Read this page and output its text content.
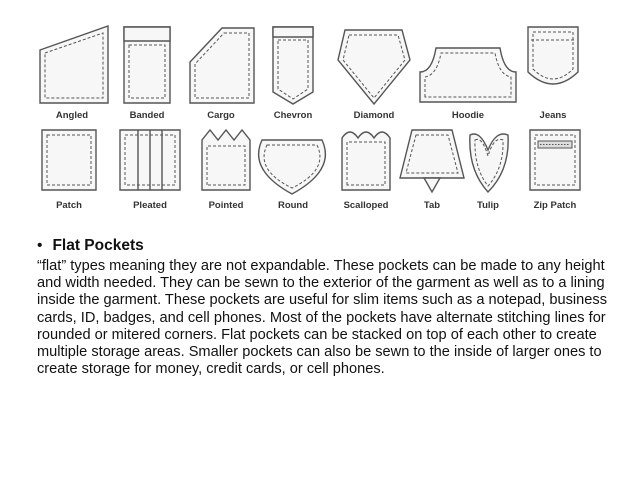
Angled	Banded	Cargo	Chevron	Diamond	Hoodie	Jeans
Patch	Pleated	Pointed	Round	Scalloped	Tab	Tulip	Zip Patch

• Flat Pockets

“flat” types meaning they are not expandable. These pockets can be made to any height and width needed. They can be sewn to the exterior of the garment as well as to a lining inside the garment. These pockets are useful for slim items such as a notepad, business cards, ID, badges, and cell phones. Most of the pockets have alternate stitching lines for rounded or mitered corners. Flat pockets can be stacked on top of each other to create multiple storage areas. Smaller pockets can also be sewn to the inside of larger ones to create storage for money, credit cards, or cell phones.
